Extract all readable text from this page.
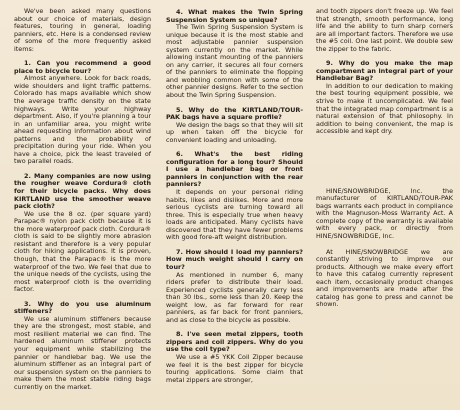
We've been asked many questions about our choice of materials, design features, touring in general, loading panniers, etc. Here is a condensed review of some of the more frequently asked items:

1. Can you recommend a good place to bicycle tour?

Almost anywhere. Look for back roads, wide shoulders and light traffic patterns. Colorado has maps available which show the average traffic density on the state highways. Write your highway department. Also, if you're planning a tour in an unfamiliar area, you might write ahead requesting information about wind patterns and the probability of precipitation during your ride. When you have a choice, pick the least traveled of two parallel roads.

2. Many companies are now using the rougher weave Cordura® cloth for their bicycle packs. Why does KIRTLAND use the smoother weave pack cloth?

We use the 8 oz. (per square yard) Parapac® nylon pack cloth because it is the more waterproof pack cloth. Cordura® cloth is said to be slightly more abrasion resistant and therefore is a very popular cloth for hiking applications. It is proven, though, that the Parapac® is the more waterproof of the two. We feel that due to the unique needs of the cyclists, using the most waterproof cloth is the overriding factor.

3. Why do you use aluminum stiffeners?

We use aluminum stiffeners because they are the strongest, most stable, and most resilient material we can find. The hardened aluminum stiffener protects your equipment while stabilizing the pannier or handlebar bag. We use the aluminum stiffener as an integral part of our suspension system on the panniers to make them the most stable riding bags currently on the market.

4. What makes the Twin Spring Suspension System so unique?

The Twin Spring Suspension System is unique because it is the most stable and most adjustable pannier suspension system currently on the market. While allowing instant mounting of the panniers on any carrier, it secures all four corners of the panniers to eliminate the flopping and wobbling common with some of the other pannier designs. Refer to the section about the Twin Spring Suspension.

5. Why do the KIRTLAND/TOUR-PAK bags have a square profile?

We design the bags so that they will sit up when taken off the bicycle for convenient loading and unloading.

6. What's the best riding configuration for a long tour? Should I use a handlebar bag or front panniers in conjunction with the rear panniers?

It depends on your personal riding habits, likes and dislikes. More and more serious cyclists are turning toward all three. This is especially true when heavy loads are anticipated. Many cyclists have discovered that they have fewer problems with good fore-aft weight distribution.

7. How should I load my panniers? How much weight should I carry on tour?

As mentioned in number 6, many riders prefer to distribute their load. Experienced cyclists generally carry less than 30 lbs., some less than 20. Keep the weight low, as far forward for rear panniers, as far back for front panniers, and as close to the bicycle as possible.

8. I've seen metal zippers, tooth zippers and coil zippers. Why do you use the coil type?

We use a #5 YKK Coil Zipper because we feel it is the best zipper for bicycle touring applications. Some claim that metal zippers are stronger,

and tooth zippers don't freeze up. We feel that strength, smooth performance, long life and the ability to turn sharp corners are all important factors. Therefore we use the #5 coil. One last point. We double sew the zipper to the fabric.

9. Why do you make the map compartment an integral part of your Handlebar Bag?

In addition to our dedication to making the best touring equipment possible, we strive to make it uncomplicated. We feel that the integrated map compartment is a natural extension of that philosophy. In addition to being convenient, the map is accessible and kept dry.

HINE/SNOWBRIDGE, Inc. the manufacturer of KIRTLAND/TOUR-PAK bags warrants each product in compliance with the Magnuson-Moss Warranty Act. A complete copy of the warranty is available with every pack, or directly from HINE/SNOWBRIDGE, Inc.

At HINE/SNOWBRIDGE we are constantly striving to improve our products. Although we make every effort to have this catalog currently represent each item, occasionally product changes and improvements are made after the catalog has gone to press and cannot be shown.
